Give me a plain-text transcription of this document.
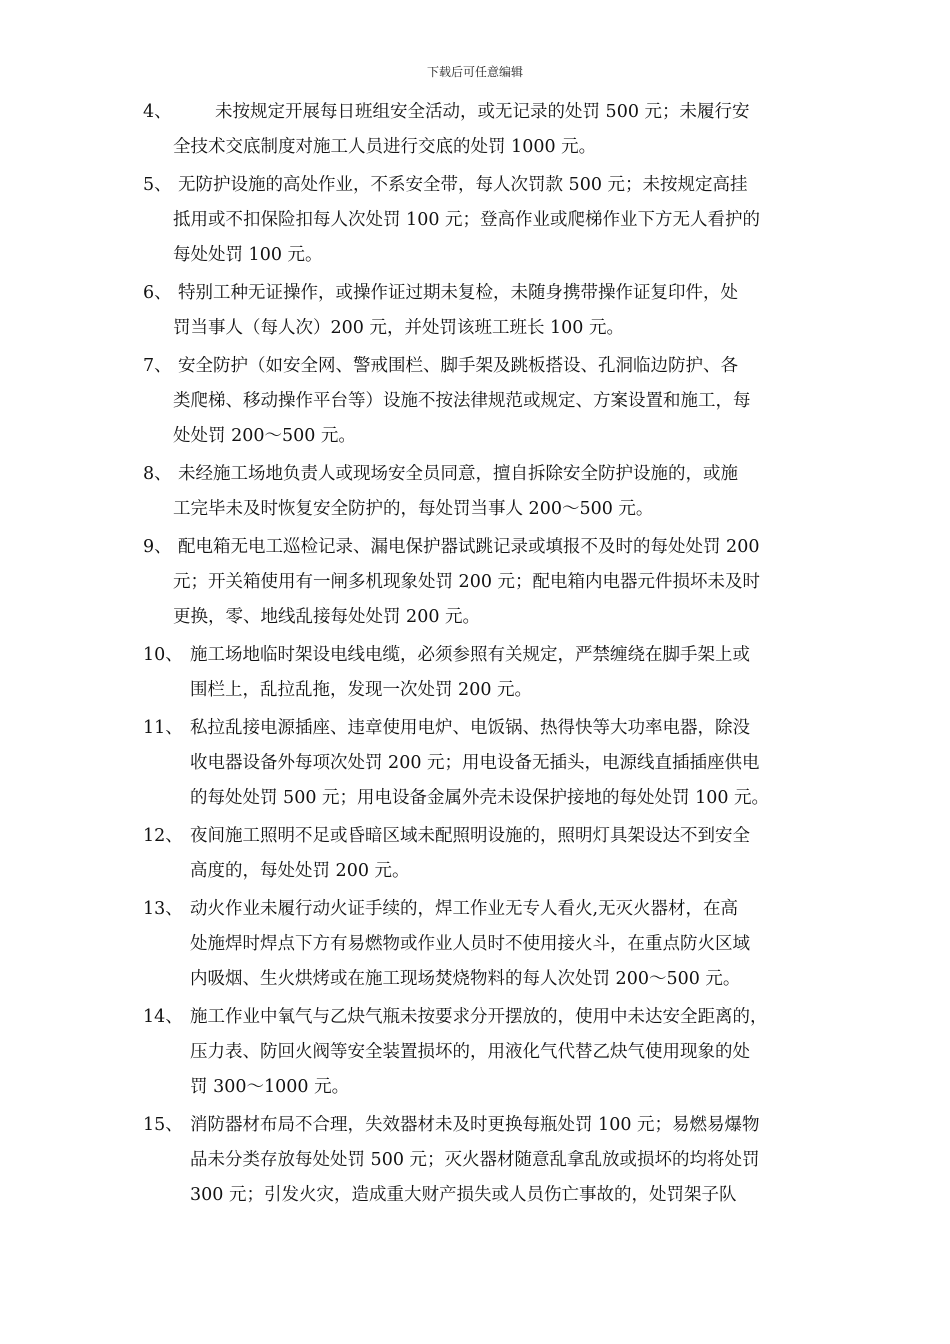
下载后可任意编辑
4、	未按规定开展每日班组安全活动，或无记录的处罚 500 元；未履行安
全技术交底制度对施工人员进行交底的处罚 1000 元。
5、 无防护设施的高处作业，不系安全带，每人次罚款 500 元；未按规定高挂
抵用或不扣保险扣每人次处罚 100 元；登高作业或爬梯作业下方无人看护的
每处处罚 100 元。
6、 特别工种无证操作，或操作证过期未复检，未随身携带操作证复印件，处
罚当事人（每人次）200 元，并处罚该班工班长 100 元。
7、 安全防护（如安全网、警戒围栏、脚手架及跳板搭设、孔洞临边防护、各
类爬梯、移动操作平台等）设施不按法律规范或规定、方案设置和施工，每
处处罚 200～500 元。
8、 未经施工场地负责人或现场安全员同意，擅自拆除安全防护设施的，或施
工完毕未及时恢复安全防护的，每处罚当事人 200～500 元。
9、 配电箱无电工巡检记录、漏电保护器试跳记录或填报不及时的每处处罚 200
元；开关箱使用有一闸多机现象处罚 200 元；配电箱内电器元件损坏未及时
更换，零、地线乱接每处处罚 200 元。
10、 施工场地临时架设电线电缆，必须参照有关规定，严禁缠绕在脚手架上或
围栏上，乱拉乱拖，发现一次处罚 200 元。
11、 私拉乱接电源插座、违章使用电炉、电饭锅、热得快等大功率电器，除没
收电器设备外每项次处罚 200 元；用电设备无插头，电源线直插插座供电
的每处处罚 500 元；用电设备金属外壳未设保护接地的每处处罚 100 元。
12、 夜间施工照明不足或昏暗区域未配照明设施的，照明灯具架设达不到安全
高度的，每处处罚 200 元。
13、 动火作业未履行动火证手续的，焊工作业无专人看火,无灭火器材，在高
处施焊时焊点下方有易燃物或作业人员时不使用接火斗，在重点防火区域
内吸烟、生火烘烤或在施工现场焚烧物料的每人次处罚 200～500 元。
14、 施工作业中氧气与乙炔气瓶未按要求分开摆放的，使用中未达安全距离的，
压力表、防回火阀等安全装置损坏的，用液化气代替乙炔气使用现象的处
罚 300～1000 元。
15、 消防器材布局不合理，失效器材未及时更换每瓶处罚 100 元；易燃易爆物
品未分类存放每处处罚 500 元；灭火器材随意乱拿乱放或损坏的均将处罚
300 元；引发火灾，造成重大财产损失或人员伤亡事故的，处罚架子队
